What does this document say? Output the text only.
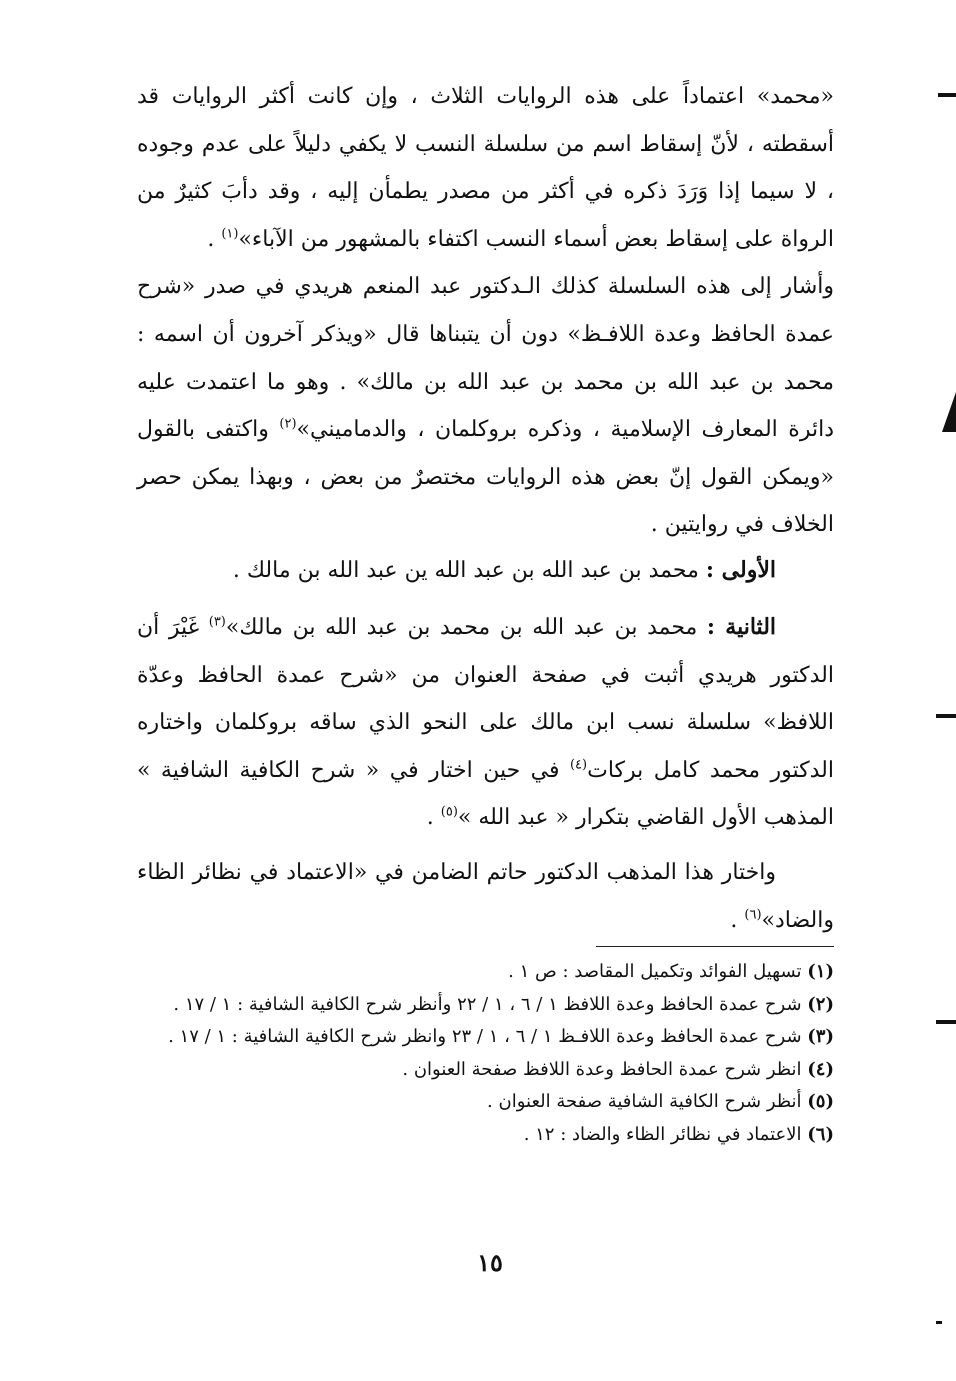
«محمد» اعتماداً على هذه الروايات الثلاث ، وإن كانت أكثر الروايات قد أسقطته ، لأنّ إسقاط اسم من سلسلة النسب لا يكفي دليلاً على عدم وجوده ، لا سيما إذا وَرَدَ ذكره في أكثر من مصدر يطمأن إليه ، وقد دأبَ كثيرٌ من الرواة على إسقاط بعض أسماء النسب اكتفاء بالمشهور من الآباء»$^{(١)}$ .
وأشار إلى هذه السلسلة كذلك الـدكتور عبد المنعم هريدي في صدر «شرح عمدة الحافظ وعدة اللافـظ» دون أن يتبناها قال «ويذكر آخرون أن اسمه : محمد بن عبد الله بن محمد بن عبد الله بن مالك» . وهو ما اعتمدت عليه دائرة المعارف الإسلامية ، وذكره بروكلمان ، والدماميني»$^{(٢)}$ واكتفى بالقول «ويمكن القول إنّ بعض هذه الروايات مختصرٌ من بعض ، وبهذا يمكن حصر الخلاف في روايتين .
الأولى : محمد بن عبد الله بن عبد الله ين عبد الله بن مالك .
الثانية : محمد بن عبد الله بن محمد بن عبد الله بن مالك»$^{(٣)}$ غَيْرَ أن الدكتور هريدي أثبت في صفحة العنوان من «شرح عمدة الحافظ وعدّة اللافظ» سلسلة نسب ابن مالك على النحو الذي ساقه بروكلمان واختاره الدكتور محمد كامل بركات$^{(٤)}$ في حين اختار في « شرح الكافية الشافية » المذهب الأول القاضي بتكرار « عبد الله »$^{(٥)}$ .
واختار هذا المذهب الدكتور حاتم الضامن في «الاعتماد في نظائر الظاء والضاد»$^{(٦)}$ .
(١) تسهيل الفوائد وتكميل المقاصد : ص ١ .
(٢) شرح عمدة الحافظ وعدة اللافظ ١ / ٦ ، ١ / ٢٢ وأنظر شرح الكافية الشافية : ١ / ١٧ .
(٣) شرح عمدة الحافظ وعدة اللافـظ ١ / ٦ ، ١ / ٢٣ وانظر شرح الكافية الشافية : ١ / ١٧ .
(٤) انظر شرح عمدة الحافظ وعدة اللافظ صفحة العنوان .
(٥) أنظر شرح الكافية الشافية صفحة العنوان .
(٦) الاعتماد في نظائر الظاء والضاد : ١٢ .
١٥
